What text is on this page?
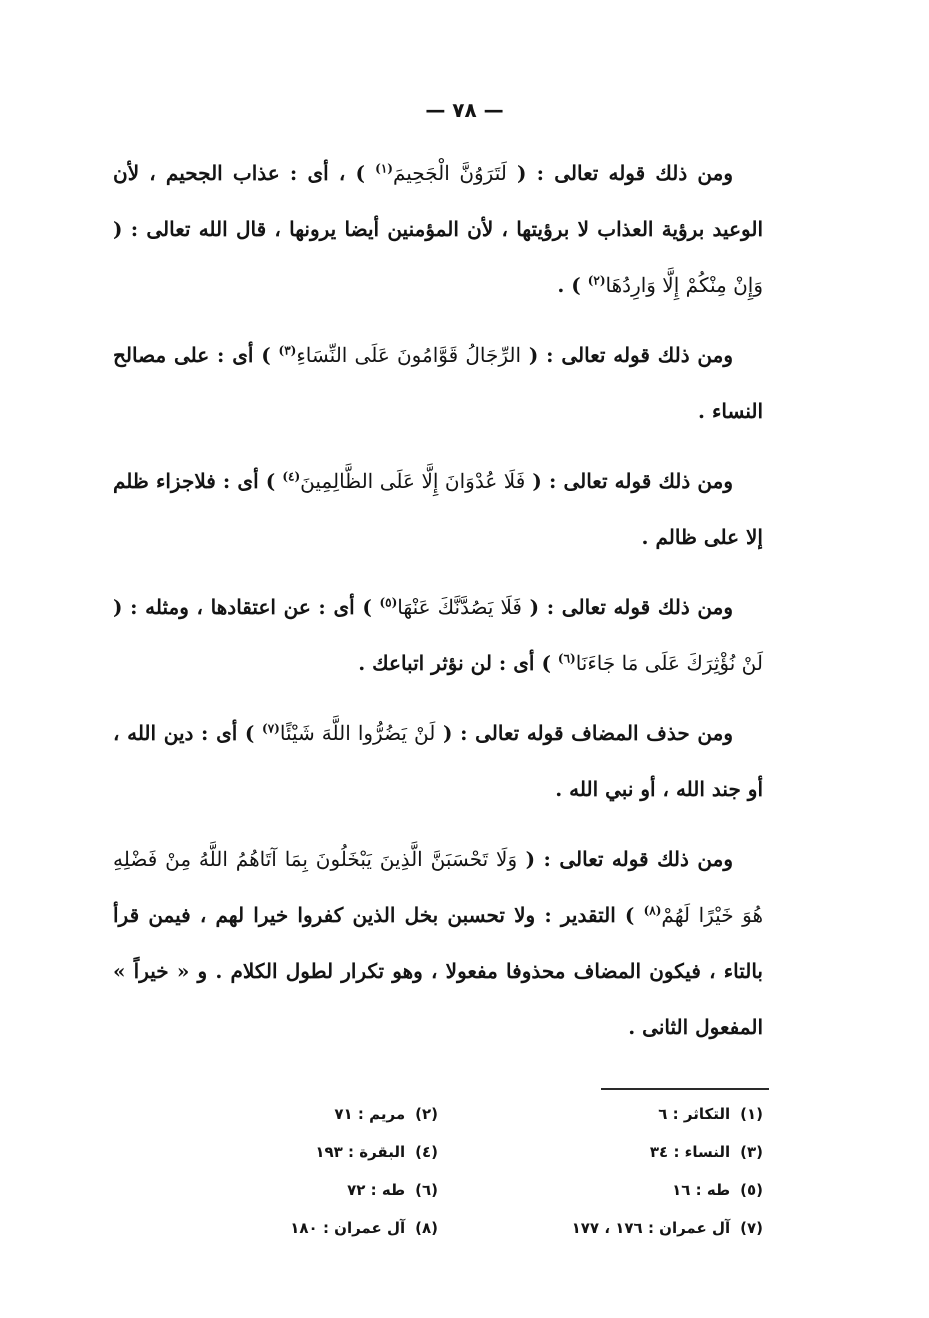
— ٧٨ —

ومن ذلك قوله تعالى : ( لَتَرَوُنَّ الْجَحِيمَ$^{(١)}$ ) ، أى : عذاب الجحيم ، لأن الوعيد برؤية العذاب لا برؤيتها ، لأن المؤمنين أيضا يرونها ، قال الله تعالى : ( وَإِنْ مِنْكُمْ إِلَّا وَارِدُهَا$^{(٢)}$ ) .

ومن ذلك قوله تعالى : ( الرِّجَالُ قَوَّامُونَ عَلَى النِّسَاءِ$^{(٣)}$ ) أى : على مصالح النساء .

ومن ذلك قوله تعالى : ( فَلَا عُدْوَانَ إِلَّا عَلَى الظَّالِمِينَ$^{(٤)}$ ) أى : فلاجزاء ظلم إلا على ظالم .

ومن ذلك قوله تعالى : ( فَلَا يَصُدَّنَّكَ عَنْهَا$^{(٥)}$ ) أى : عن اعتقادها ، ومثله : ( لَنْ نُؤْثِرَكَ عَلَى مَا جَاءَنَا$^{(٦)}$ ) أى : لن نؤثر اتباعك .

ومن حذف المضاف قوله تعالى : ( لَنْ يَضُرُّوا اللَّهَ شَيْئًا$^{(٧)}$ ) أى : دين الله ، أو جند الله ، أو نبي الله .

ومن ذلك قوله تعالى : ( وَلَا تَحْسَبَنَّ الَّذِينَ يَبْخَلُونَ بِمَا آتَاهُمُ اللَّهُ مِنْ فَضْلِهِ هُوَ خَيْرًا لَهُمْ$^{(٨)}$ ) التقدير : ولا تحسبن بخل الذين كفروا خيرا لهم ، فيمن قرأ بالتاء ، فيكون المضاف محذوفا مفعولا ، وهو تكرار لطول الكلام . و « خيراً » المفعول الثانى .

(١)التكاثر : ٦
(٢)مريم : ٧١
(٣)النساء : ٣٤
(٤)البقرة : ١٩٣
(٥)طه : ١٦
(٦)طه : ٧٢
(٧)آل عمران : ١٧٦ ، ١٧٧
(٨)آل عمران : ١٨٠
